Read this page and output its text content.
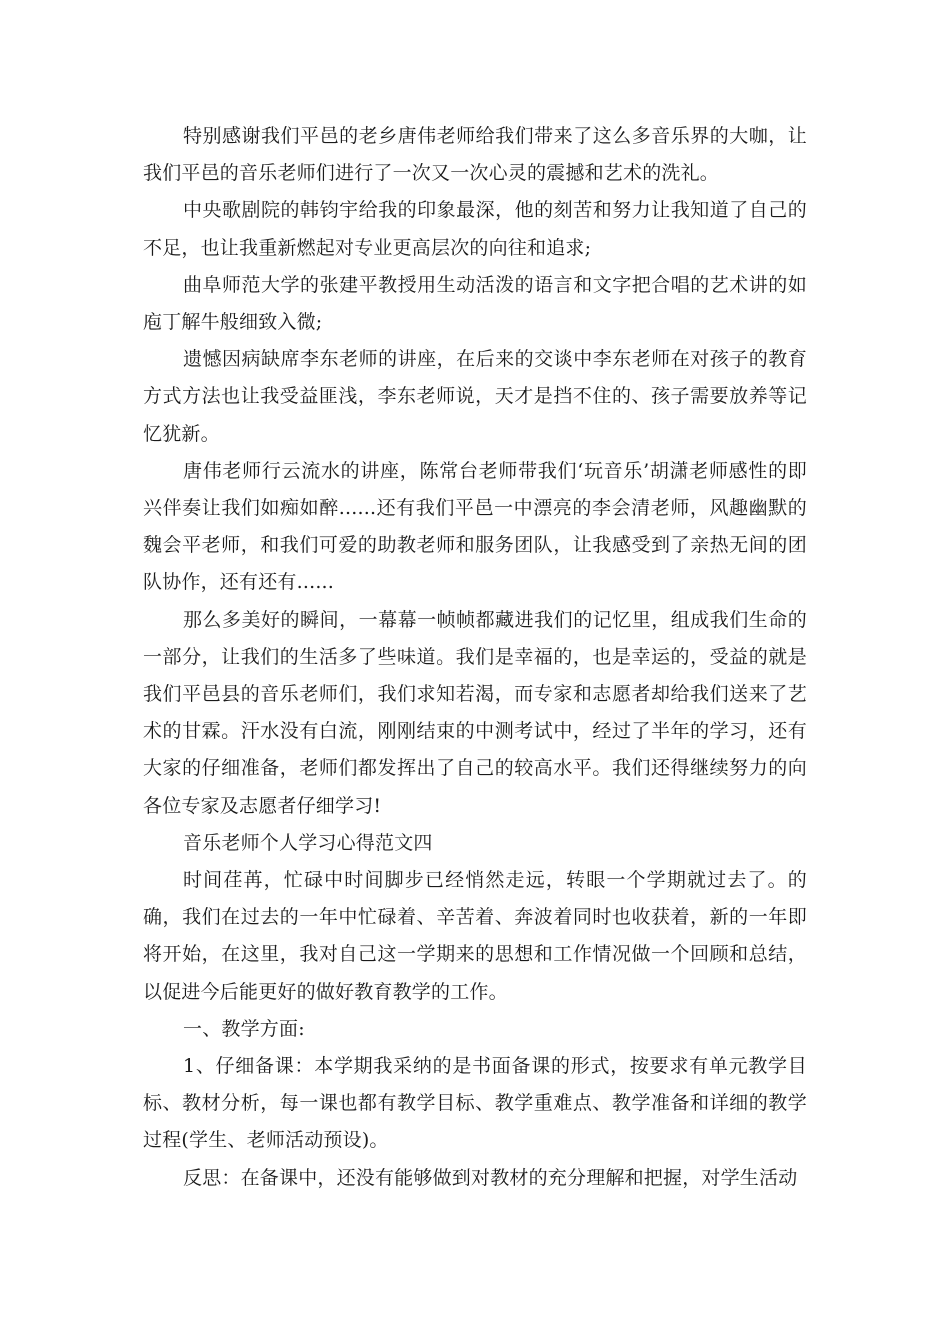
特别感谢我们平邑的老乡唐伟老师给我们带来了这么多音乐界的大咖，让我们平邑的音乐老师们进行了一次又一次心灵的震撼和艺术的洗礼。

中央歌剧院的韩钧宇给我的印象最深，他的刻苦和努力让我知道了自己的不足，也让我重新燃起对专业更高层次的向往和追求;

曲阜师范大学的张建平教授用生动活泼的语言和文字把合唱的艺术讲的如庖丁解牛般细致入微;

遗憾因病缺席李东老师的讲座，在后来的交谈中李东老师在对孩子的教育方式方法也让我受益匪浅，李东老师说，天才是挡不住的、孩子需要放养等记忆犹新。

唐伟老师行云流水的讲座，陈常台老师带我们‘玩音乐’胡潇老师感性的即兴伴奏让我们如痴如醉......还有我们平邑一中漂亮的李会清老师，风趣幽默的魏会平老师，和我们可爱的助教老师和服务团队，让我感受到了亲热无间的团队协作，还有还有......

那么多美好的瞬间，一幕幕一帧帧都藏进我们的记忆里，组成我们生命的一部分，让我们的生活多了些味道。我们是幸福的，也是幸运的，受益的就是我们平邑县的音乐老师们，我们求知若渴，而专家和志愿者却给我们送来了艺术的甘霖。汗水没有白流，刚刚结束的中测考试中，经过了半年的学习，还有大家的仔细准备，老师们都发挥出了自己的较高水平。我们还得继续努力的向各位专家及志愿者仔细学习!

音乐老师个人学习心得范文四

时间荏苒，忙碌中时间脚步已经悄然走远，转眼一个学期就过去了。的确，我们在过去的一年中忙碌着、辛苦着、奔波着同时也收获着，新的一年即将开始，在这里，我对自己这一学期来的思想和工作情况做一个回顾和总结，以促进今后能更好的做好教育教学的工作。

一、教学方面:

1、仔细备课：本学期我采纳的是书面备课的形式，按要求有单元教学目标、教材分析，每一课也都有教学目标、教学重难点、教学准备和详细的教学过程(学生、老师活动预设)。

反思：在备课中，还没有能够做到对教材的充分理解和把握，对学生活动
